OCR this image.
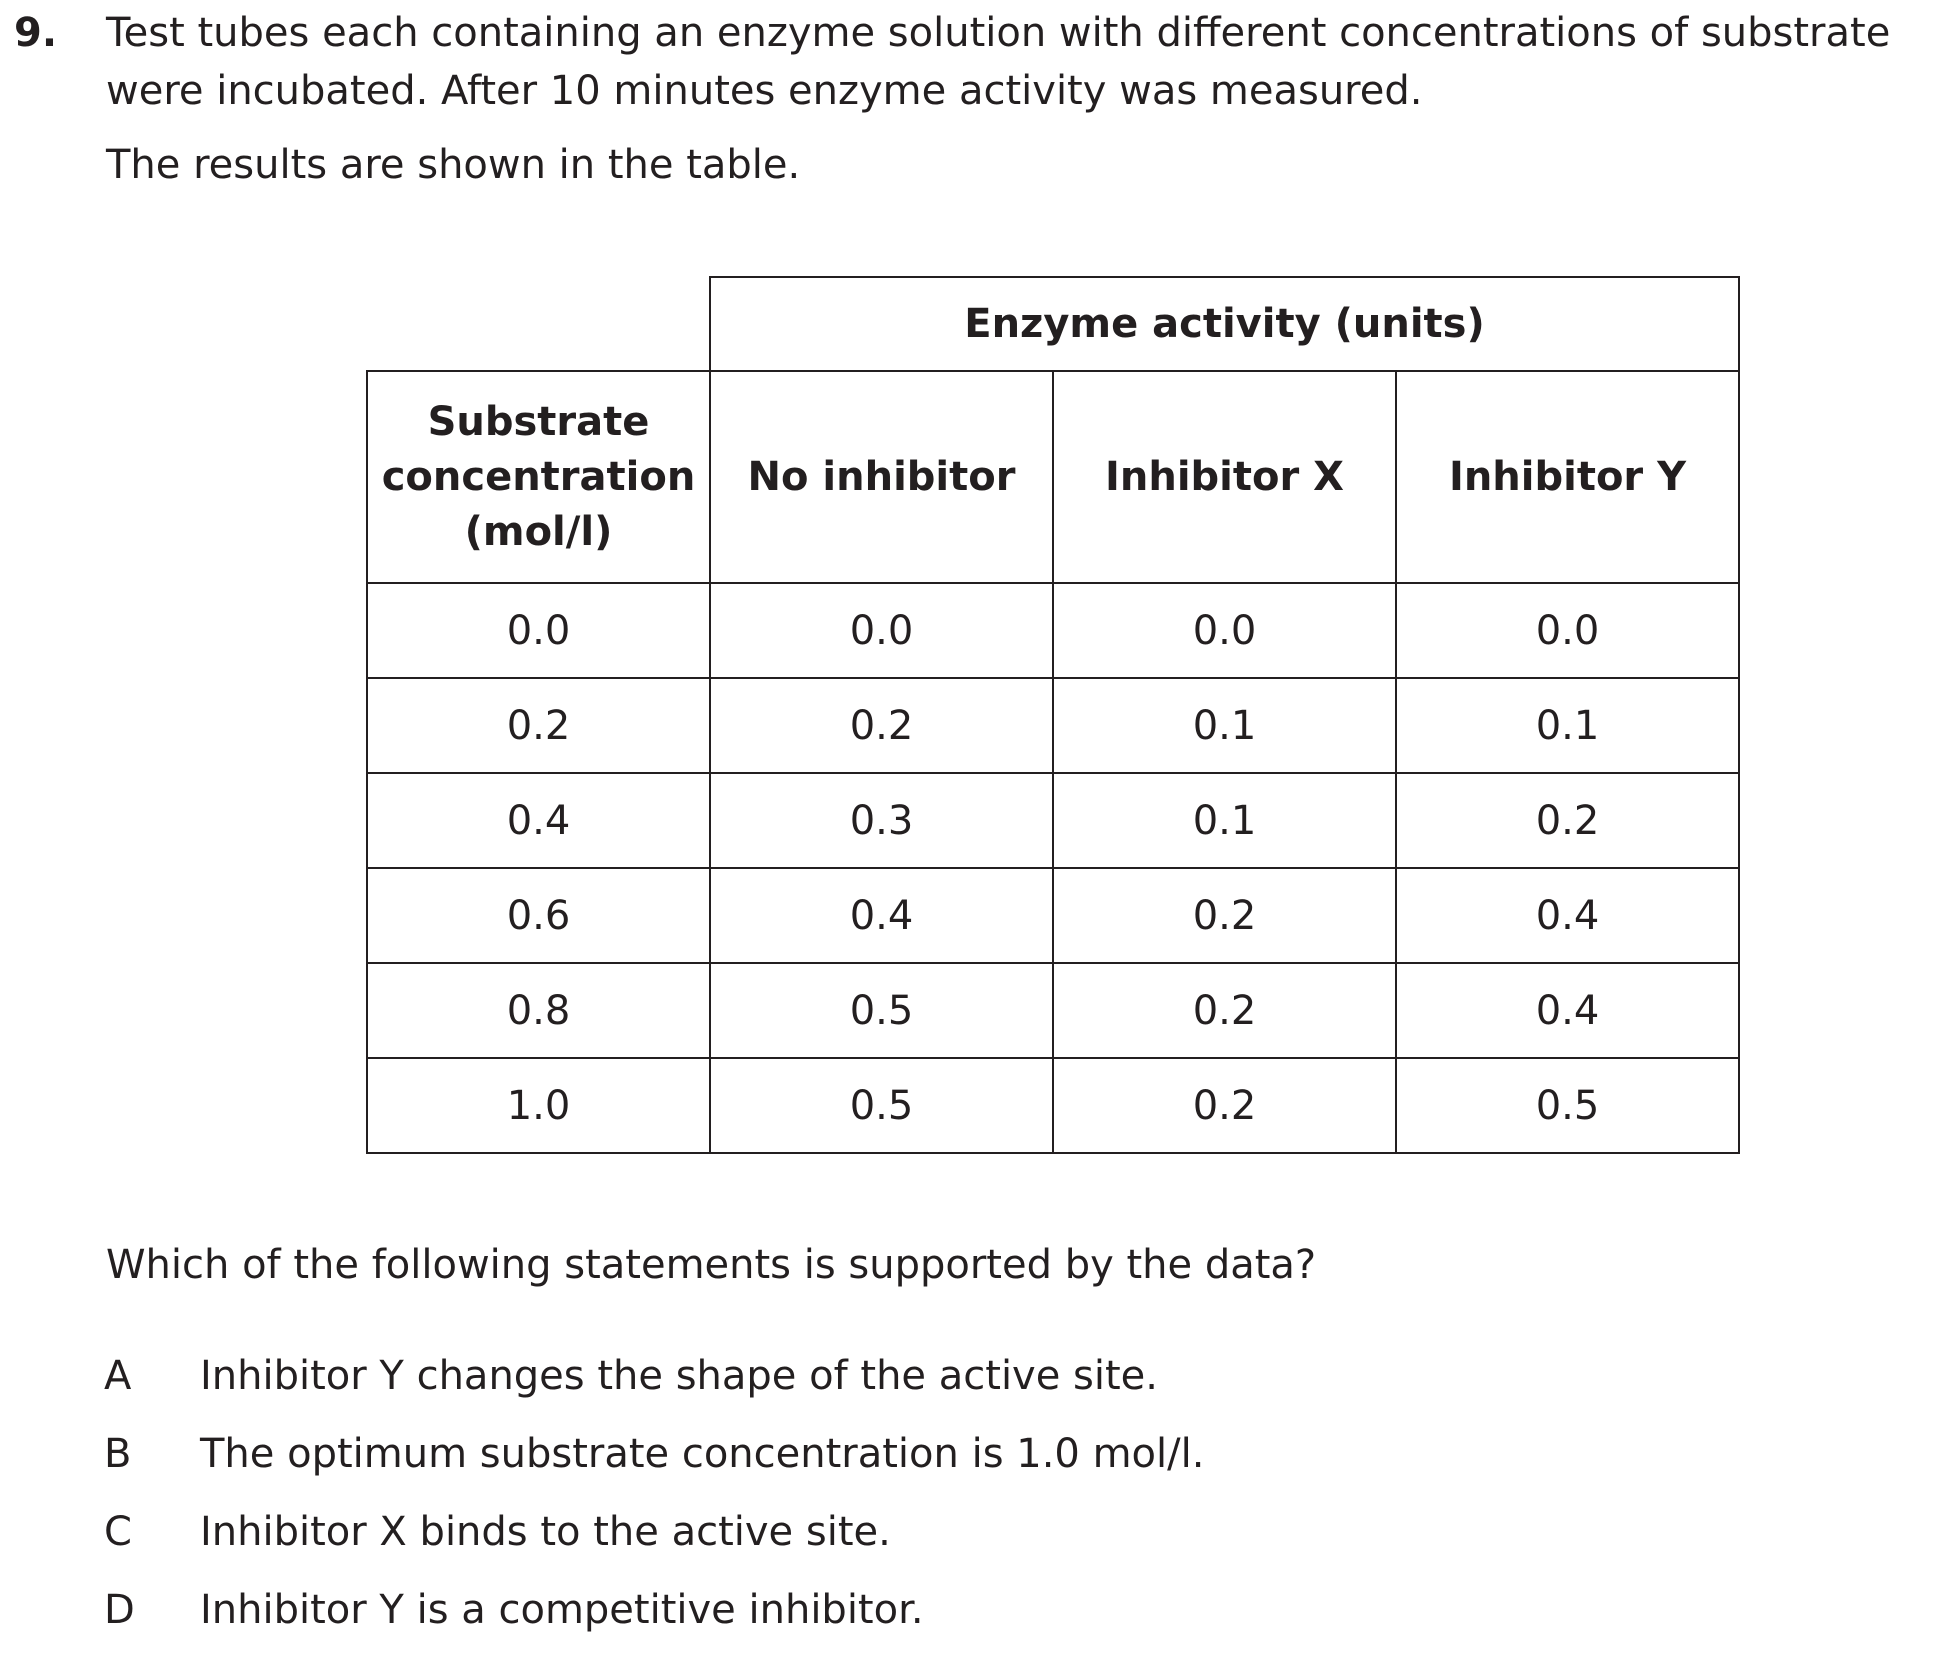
9. Test tubes each containing an enzyme solution with different concentrations of substrate
were incubated. After 10 minutes enzyme activity was measured.

The results are shown in the table.

	Enzyme activity (units)		
Substrate
concentration
(mol/l)	No inhibitor	Inhibitor X	Inhibitor Y
0.0	0.0	0.0	0.0
0.2	0.2	0.1	0.1
0.4	0.3	0.1	0.2
0.6	0.4	0.2	0.4
0.8	0.5	0.2	0.4
1.0	0.5	0.2	0.5

Which of the following statements is supported by the data?

A Inhibitor Y changes the shape of the active site.
B The optimum substrate concentration is 1.0 mol/l.
C Inhibitor X binds to the active site.
D Inhibitor Y is a competitive inhibitor.
